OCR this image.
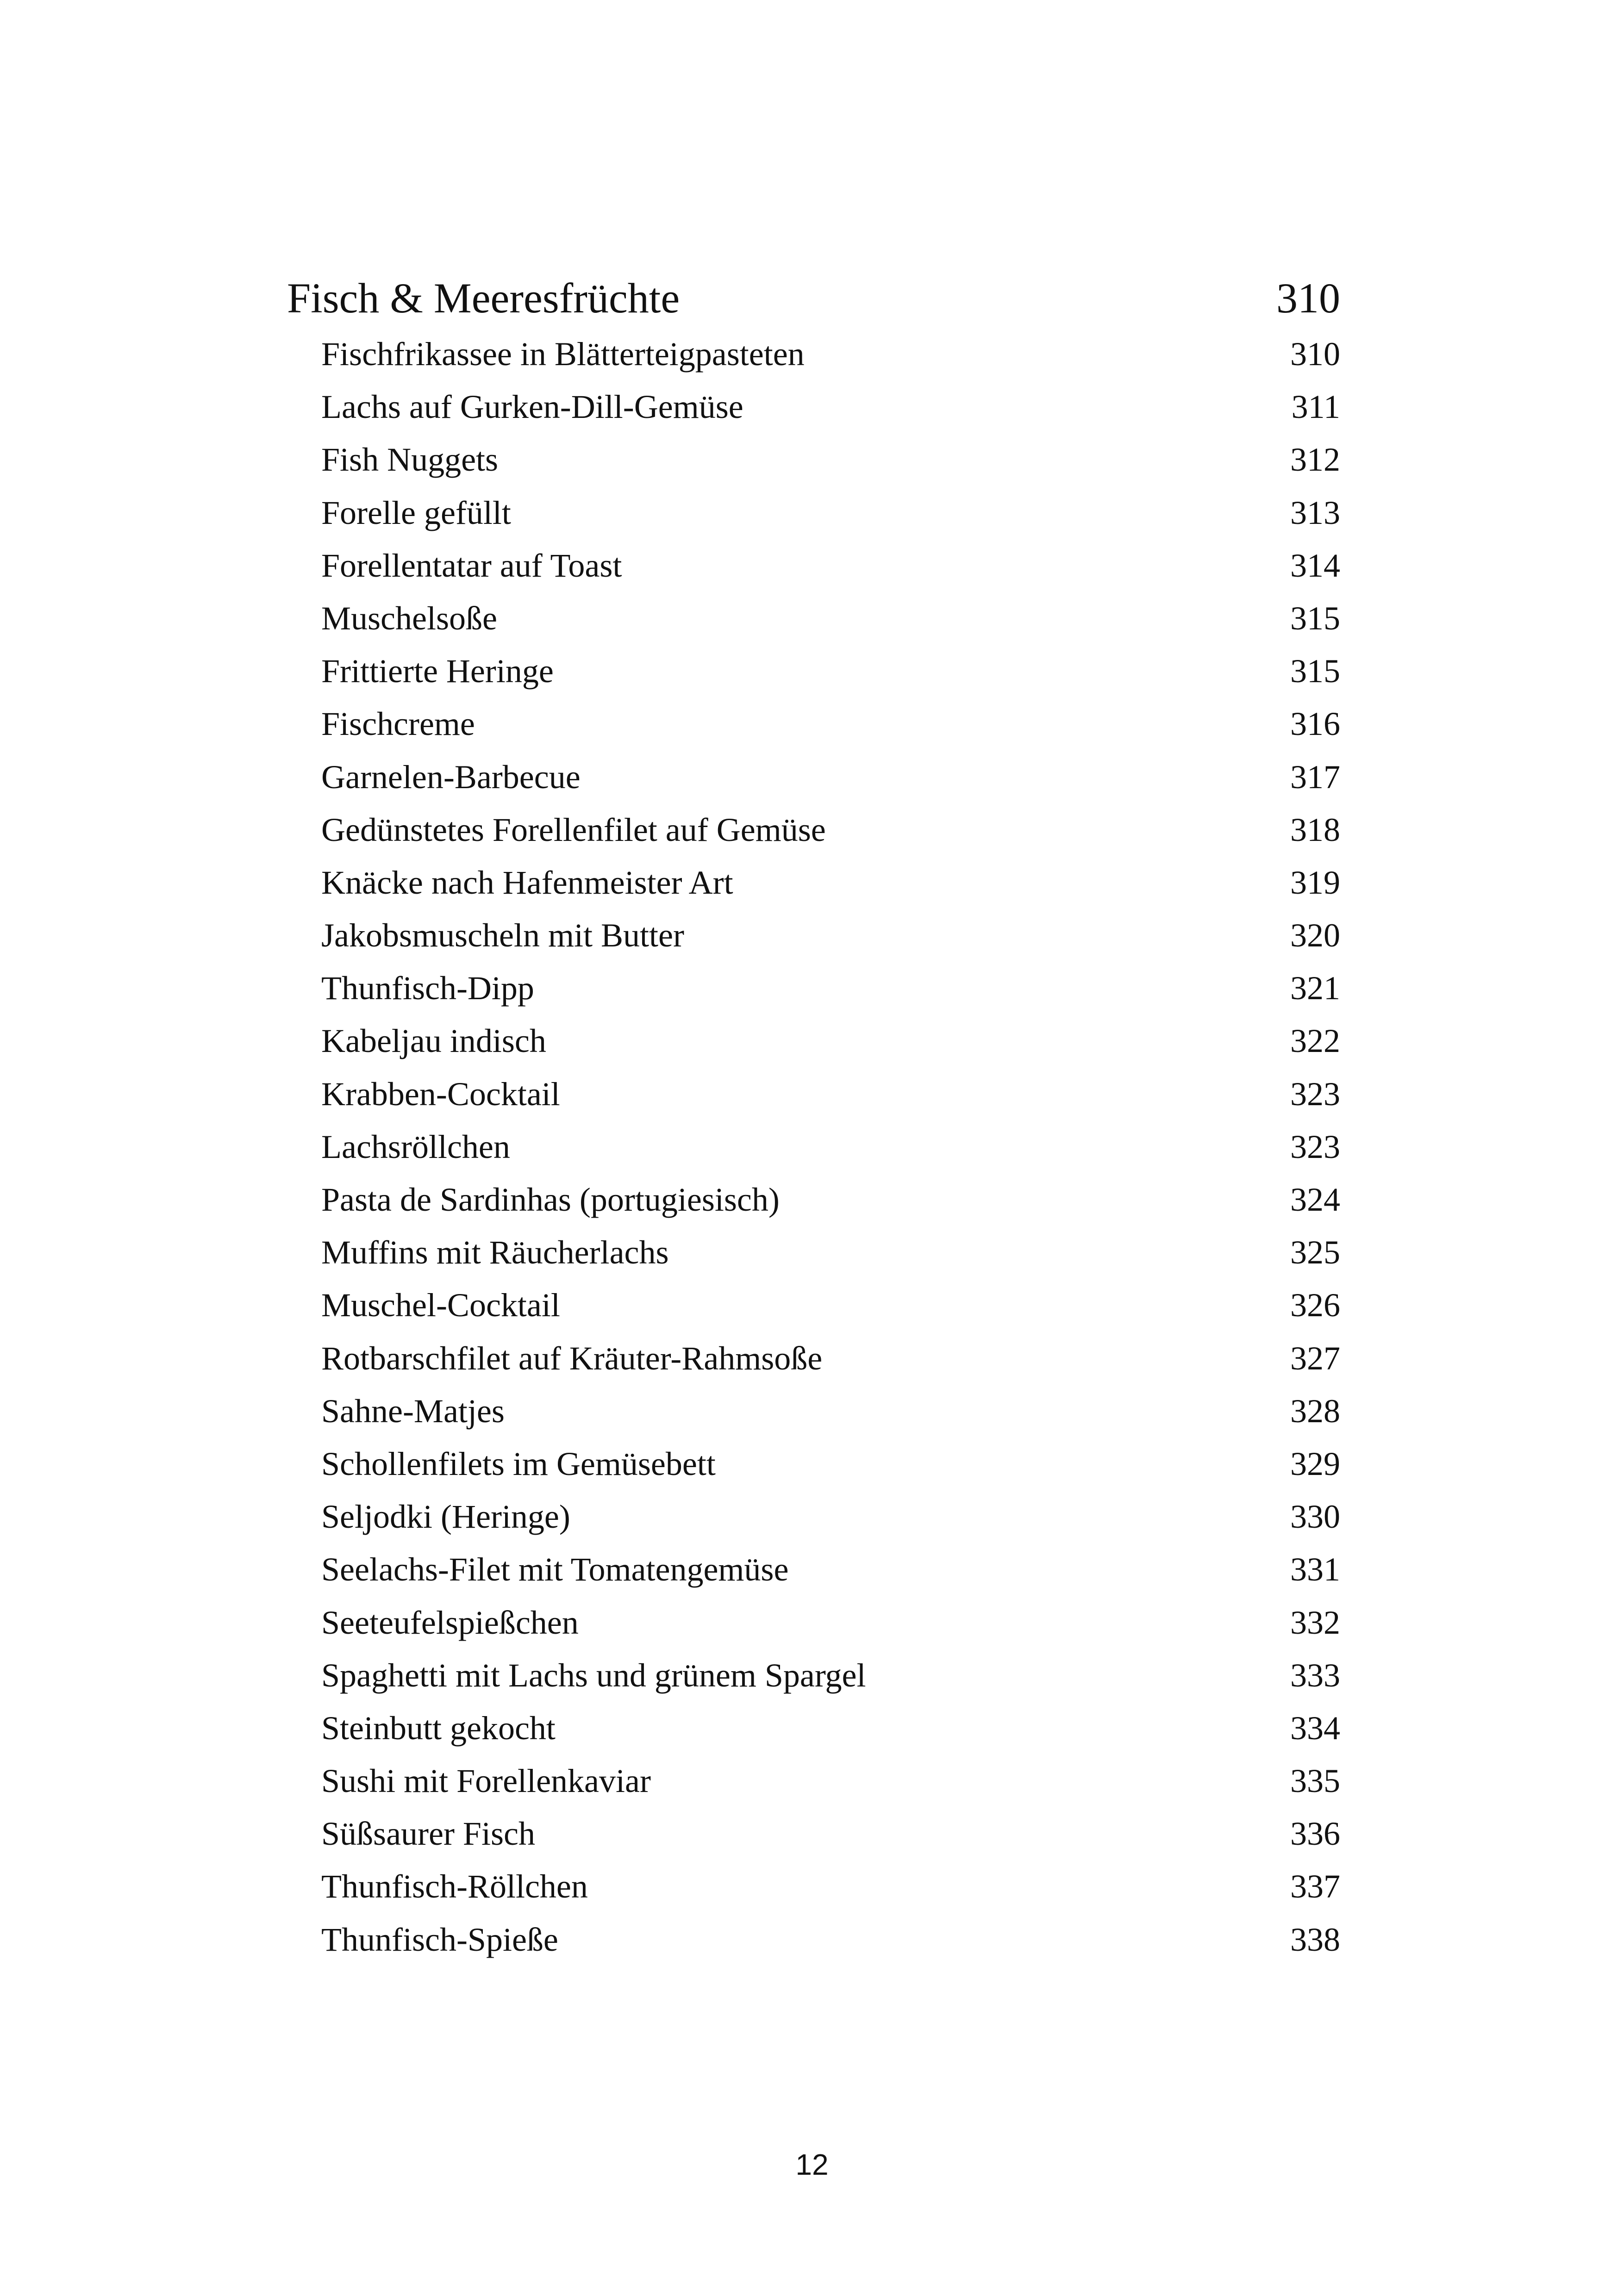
Fisch & Meeresfrüchte	310
Fischfrikassee in Blätterteigpasteten	310
Lachs auf Gurken-Dill-Gemüse	311
Fish Nuggets	312
Forelle gefüllt	313
Forellentatar auf Toast	314
Muschelsoße	315
Frittierte Heringe	315
Fischcreme	316
Garnelen-Barbecue	317
Gedünstetes Forellenfilet auf Gemüse	318
Knäcke nach Hafenmeister Art	319
Jakobsmuscheln mit Butter	320
Thunfisch-Dipp	321
Kabeljau indisch	322
Krabben-Cocktail	323
Lachsröllchen	323
Pasta de Sardinhas (portugiesisch)	324
Muffins mit Räucherlachs	325
Muschel-Cocktail	326
Rotbarschfilet auf Kräuter-Rahmsoße	327
Sahne-Matjes	328
Schollenfilets im Gemüsebett	329
Seljodki (Heringe)	330
Seelachs-Filet mit Tomatengemüse	331
Seeteufelspießchen	332
Spaghetti mit Lachs und grünem Spargel	333
Steinbutt gekocht	334
Sushi mit Forellenkaviar	335
Süßsaurer Fisch	336
Thunfisch-Röllchen	337
Thunfisch-Spieße	338
12
